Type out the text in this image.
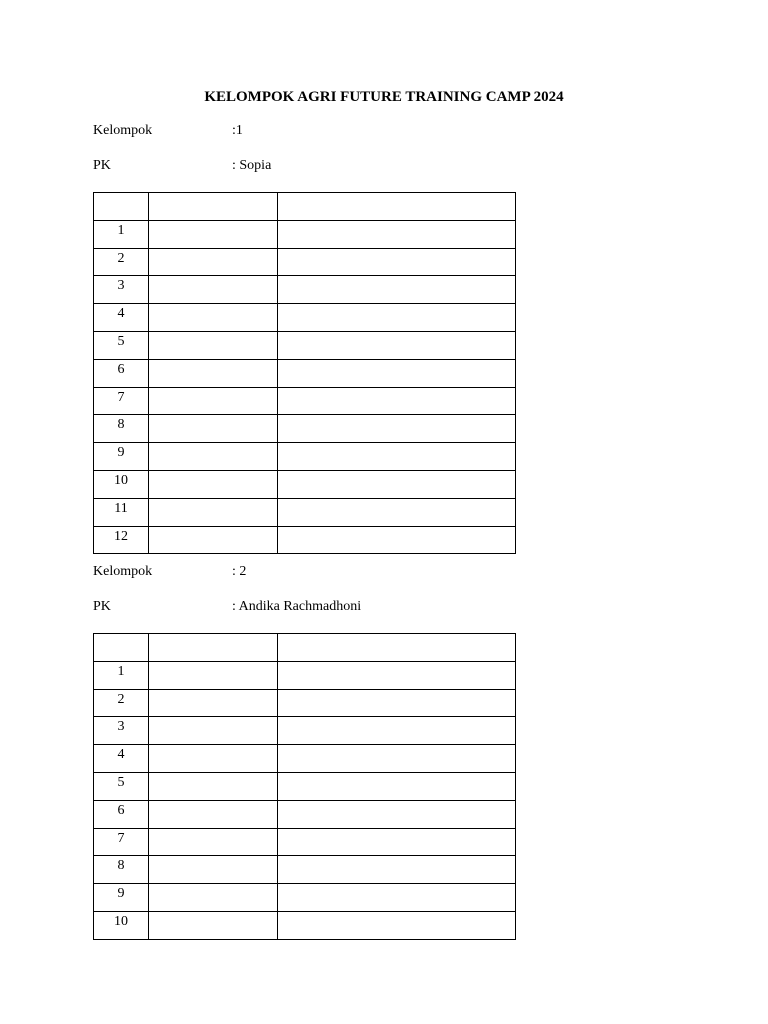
KELOMPOK AGRI FUTURE TRAINING CAMP 2024
Kelompok	:1
PK	: Sopia

1		
2		
3		
4		
5		
6		
7		
8		
9		
10		
11		
12		
Kelompok	: 2
PK	: Andika Rachmadhoni

1		
2		
3		
4		
5		
6		
7		
8		
9		
10		
